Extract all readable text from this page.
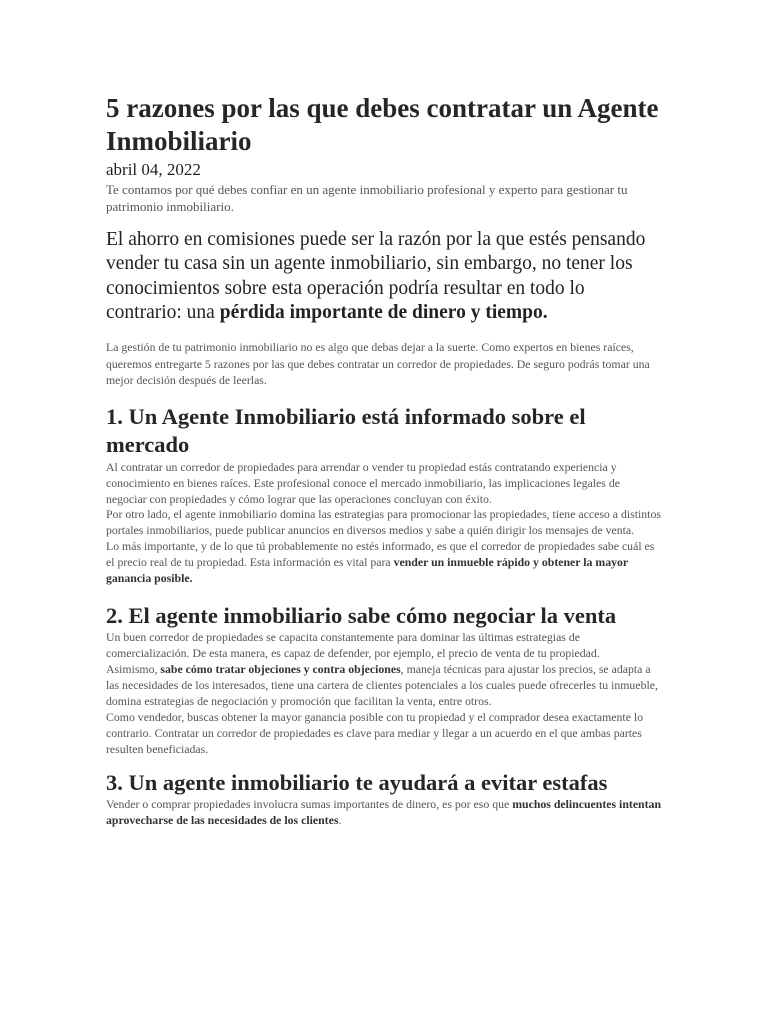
5 razones por las que debes contratar un Agente Inmobiliario
abril 04, 2022

Te contamos por qué debes confiar en un agente inmobiliario profesional y experto para gestionar tu patrimonio inmobiliario.

El ahorro en comisiones puede ser la razón por la que estés pensando vender tu casa sin un agente inmobiliario, sin embargo, no tener los conocimientos sobre esta operación podría resultar en todo lo contrario: una pérdida importante de dinero y tiempo.

La gestión de tu patrimonio inmobiliario no es algo que debas dejar a la suerte. Como expertos en bienes raíces, queremos entregarte 5 razones por las que debes contratar un corredor de propiedades. De seguro podrás tomar una mejor decisión después de leerlas.

1. Un Agente Inmobiliario está informado sobre el mercado

Al contratar un corredor de propiedades para arrendar o vender tu propiedad estás contratando experiencia y conocimiento en bienes raíces. Este profesional conoce el mercado inmobiliario, las implicaciones legales de negociar con propiedades y cómo lograr que las operaciones concluyan con éxito.

Por otro lado, el agente inmobiliario domina las estrategias para promocionar las propiedades, tiene acceso a distintos portales inmobiliarios, puede publicar anuncios en diversos medios y sabe a quién dirigir los mensajes de venta.

Lo más importante, y de lo que tú probablemente no estés informado, es que el corredor de propiedades sabe cuál es el precio real de tu propiedad. Esta información es vital para vender un inmueble rápido y obtener la mayor ganancia posible.

2. El agente inmobiliario sabe cómo negociar la venta

Un buen corredor de propiedades se capacita constantemente para dominar las últimas estrategias de comercialización. De esta manera, es capaz de defender, por ejemplo, el precio de venta de tu propiedad.

Asimismo, sabe cómo tratar objeciones y contra objeciones, maneja técnicas para ajustar los precios, se adapta a las necesidades de los interesados, tiene una cartera de clientes potenciales a los cuales puede ofrecerles tu inmueble, domina estrategias de negociación y promoción que facilitan la venta, entre otros.

Como vendedor, buscas obtener la mayor ganancia posible con tu propiedad y el comprador desea exactamente lo contrario. Contratar un corredor de propiedades es clave para mediar y llegar a un acuerdo en el que ambas partes resulten beneficiadas.

3. Un agente inmobiliario te ayudará a evitar estafas

Vender o comprar propiedades involucra sumas importantes de dinero, es por eso que muchos delincuentes intentan aprovecharse de las necesidades de los clientes.
